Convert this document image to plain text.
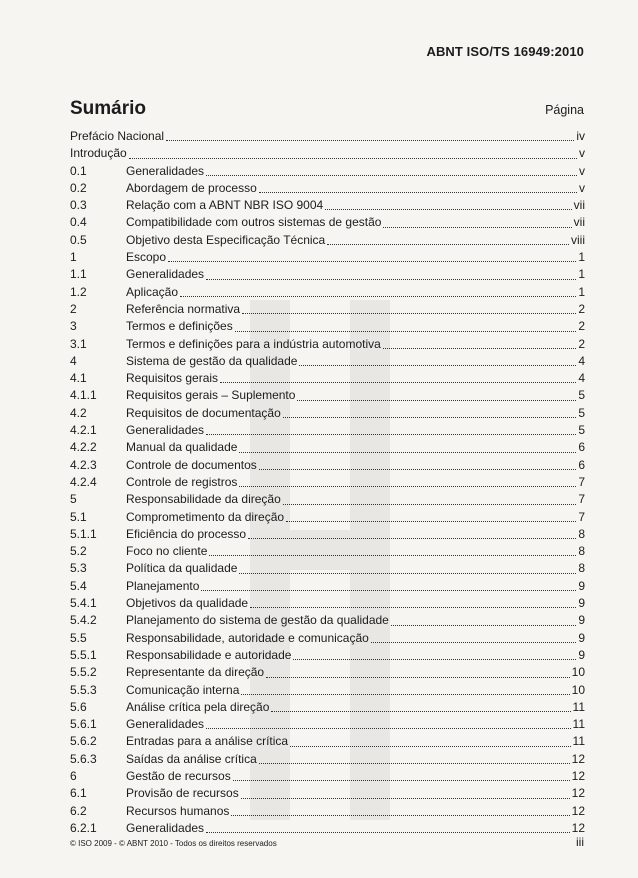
ABNT ISO/TS 16949:2010
Sumário	Página
Prefácio Nacional	iv
Introdução	v
0.1	Generalidades	v
0.2	Abordagem de processo	v
0.3	Relação com a ABNT NBR ISO 9004	vii
0.4	Compatibilidade com outros sistemas de gestão	vii
0.5	Objetivo desta Especificação Técnica	viii
1	Escopo	1
1.1	Generalidades	1
1.2	Aplicação	1
2	Referência normativa	2
3	Termos e definições	2
3.1	Termos e definições para a indústria automotiva	2
4	Sistema de gestão da qualidade	4
4.1	Requisitos gerais	4
4.1.1	Requisitos gerais – Suplemento	5
4.2	Requisitos de documentação	5
4.2.1	Generalidades	5
4.2.2	Manual da qualidade	6
4.2.3	Controle de documentos	6
4.2.4	Controle de registros	7
5	Responsabilidade da direção	7
5.1	Comprometimento da direção	7
5.1.1	Eficiência do processo	8
5.2	Foco no cliente	8
5.3	Política da qualidade	8
5.4	Planejamento	9
5.4.1	Objetivos da qualidade	9
5.4.2	Planejamento do sistema de gestão da qualidade	9
5.5	Responsabilidade, autoridade e comunicação	9
5.5.1	Responsabilidade e autoridade	9
5.5.2	Representante da direção	10
5.5.3	Comunicação interna	10
5.6	Análise crítica pela direção	11
5.6.1	Generalidades	11
5.6.2	Entradas para a análise crítica	11
5.6.3	Saídas da análise crítica	12
6	Gestão de recursos	12
6.1	Provisão de recursos	12
6.2	Recursos humanos	12
6.2.1	Generalidades	12
© ISO 2009 - © ABNT 2010 - Todos os direitos reservados	iii
